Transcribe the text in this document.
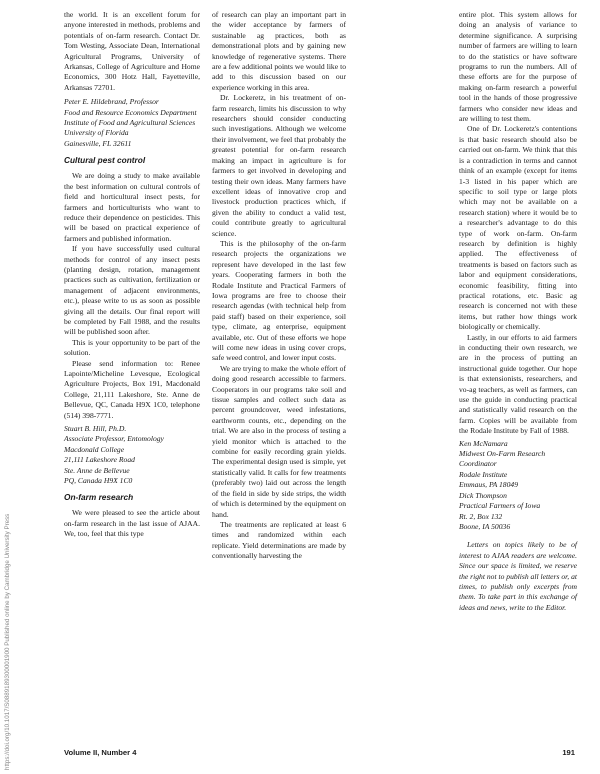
https://doi.org/10.1017/S0889189300001900 Published online by Cambridge University Press

the world. It is an excellent forum for anyone interested in methods, problems and potentials of on-farm research. Contact Dr. Tom Westing, Associate Dean, International Agricultural Programs, University of Arkansas, College of Agriculture and Home Economics, 300 Hotz Hall, Fayetteville, Arkansas 72701.

Peter E. Hildebrand, Professor

Food and Resource Economics Department

Institute of Food and Agricultural Sciences

University of Florida

Gainesville, FL 32611

Cultural pest control

We are doing a study to make available the best information on cultural controls of field and horticultural insect pests, for farmers and horticulturists who want to reduce their dependence on pesticides. This will be based on practical experience of farmers and published information.

If you have successfully used cultural methods for control of any insect pests (planting design, rotation, management practices such as cultivation, fertilization or management of adjacent environments, etc.), please write to us as soon as possible giving all the details. Our final report will be completed by Fall 1988, and the results will be published soon after.

This is your opportunity to be part of the solution.

Please send information to: Renee Lapointe/Micheline Levesque, Ecological Agriculture Projects, Box 191, Macdonald College, 21,111 Lakeshore, Ste. Anne de Bellevue, QC, Canada H9X 1C0, telephone (514) 398-7771.

Stuart B. Hill, Ph.D.

Associate Professor, Entomology

Macdonald College

21,111 Lakeshore Road

Ste. Anne de Bellevue

PQ, Canada H9X 1C0

On-farm research

We were pleased to see the article about on-farm research in the last issue of AJAA. We, too, feel that this type

of research can play an important part in the wider acceptance by farmers of sustainable ag practices, both as demonstrational plots and by gaining new knowledge of regenerative systems. There are a few additional points we would like to add to this discussion based on our experience working in this area.

Dr. Lockeretz, in his treatment of on-farm research, limits his discussion to why researchers should consider conducting such investigations. Although we welcome their involvement, we feel that probably the greatest potential for on-farm research making an impact in agriculture is for farmers to get involved in developing and testing their own ideas. Many farmers have excellent ideas of innovative crop and livestock production practices which, if given the ability to conduct a valid test, could contribute greatly to agricultural science.

This is the philosophy of the on-farm research projects the organizations we represent have developed in the last few years. Cooperating farmers in both the Rodale Institute and Practical Farmers of Iowa programs are free to choose their research agendas (with technical help from paid staff) based on their experience, soil type, climate, ag enterprise, equipment available, etc. Out of these efforts we hope will come new ideas in using cover crops, safe weed control, and lower input costs.

We are trying to make the whole effort of doing good research accessible to farmers. Cooperators in our programs take soil and tissue samples and collect such data as percent groundcover, weed infestations, earthworm counts, etc., depending on the trial. We are also in the process of testing a yield monitor which is attached to the combine for easily recording grain yields. The experimental design used is simple, yet statistically valid. It calls for few treatments (preferably two) laid out across the length of the field in side by side strips, the width of which is determined by the equipment on hand.

The treatments are replicated at least 6 times and randomized within each replicate. Yield determinations are made by conventionally harvesting the

entire plot. This system allows for doing an analysis of variance to determine significance. A surprising number of farmers are willing to learn to do the statistics or have software programs to run the numbers. All of these efforts are for the purpose of making on-farm research a powerful tool in the hands of those progressive farmers who consider new ideas and are willing to test them.

One of Dr. Lockeretz's contentions is that basic research should also be carried out on-farm. We think that this is a contradiction in terms and cannot think of an example (except for items 1-3 listed in his paper which are specific to soil type or large plots which may not be available on a research station) where it would be to a researcher's advantage to do this type of work on-farm. On-farm research by definition is highly applied. The effectiveness of treatments is based on factors such as labor and equipment considerations, economic feasibility, fitting into practical rotations, etc. Basic ag research is concerned not with these items, but rather how things work biologically or chemically.

Lastly, in our efforts to aid farmers in conducting their own research, we are in the process of putting an instructional guide together. Our hope is that extensionists, researchers, and vo-ag teachers, as well as farmers, can use the guide in conducting practical and statistically valid research on the farm. Copies will be available from the Rodale Institute by Fall of 1988.

Ken McNamara

Midwest On-Farm Research Coordinator

Rodale Institute

Emmaus, PA 18049

Dick Thompson

Practical Farmers of Iowa

Rt. 2, Box 132

Boone, IA 50036

Letters on topics likely to be of interest to AJAA readers are welcome. Since our space is limited, we reserve the right not to publish all letters or, at times, to publish only excerpts from them. To take part in this exchange of ideas and news, write to the Editor.

Volume II, Number 4	191
